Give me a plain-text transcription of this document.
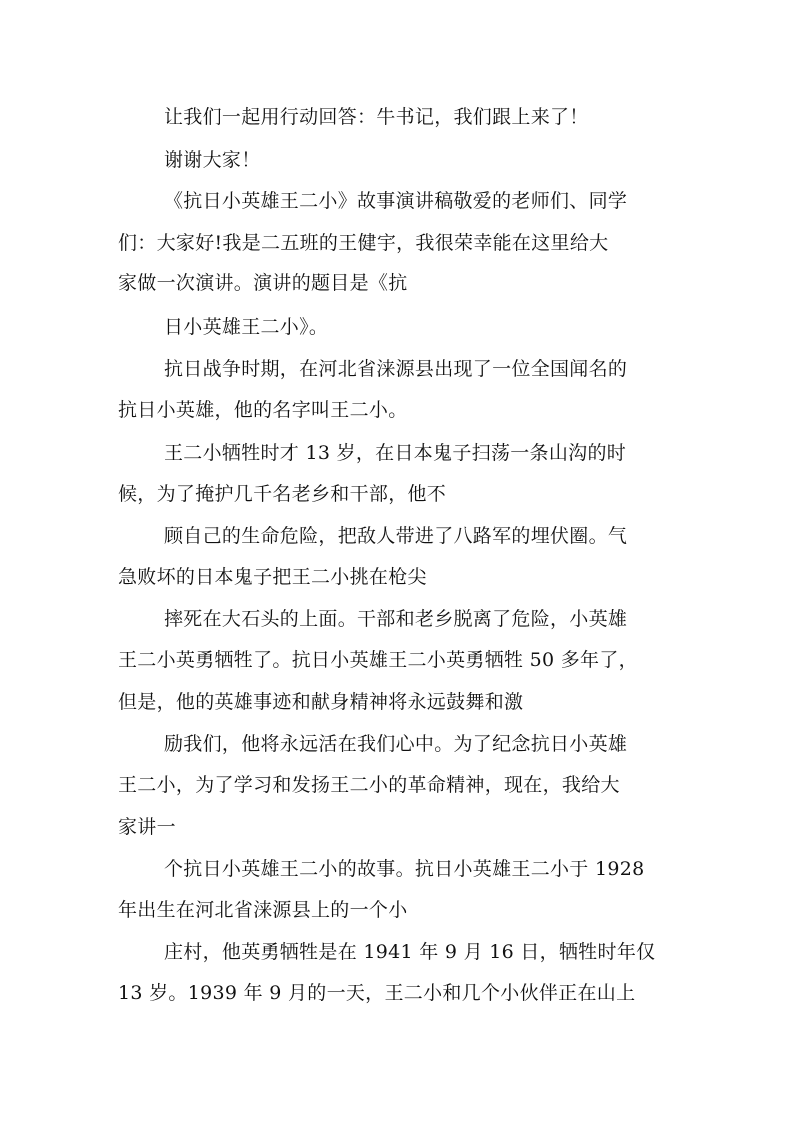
让我们一起用行动回答：牛书记，我们跟上来了！
谢谢大家！
《抗日小英雄王二小》故事演讲稿敬爱的老师们、同学
们：大家好!我是二五班的王健宇，我很荣幸能在这里给大
家做一次演讲。演讲的题目是《抗
日小英雄王二小》。
抗日战争时期，在河北省涞源县出现了一位全国闻名的
抗日小英雄，他的名字叫王二小。
王二小牺牲时才 13 岁，在日本鬼子扫荡一条山沟的时
候，为了掩护几千名老乡和干部，他不
顾自己的生命危险，把敌人带进了八路军的埋伏圈。气
急败坏的日本鬼子把王二小挑在枪尖
摔死在大石头的上面。干部和老乡脱离了危险，小英雄
王二小英勇牺牲了。抗日小英雄王二小英勇牺牲 50 多年了，
但是，他的英雄事迹和献身精神将永远鼓舞和激
励我们，他将永远活在我们心中。为了纪念抗日小英雄
王二小，为了学习和发扬王二小的革命精神，现在，我给大
家讲一
个抗日小英雄王二小的故事。抗日小英雄王二小于 1928
年出生在河北省涞源县上的一个小
庄村，他英勇牺牲是在 1941 年 9 月 16 日，牺牲时年仅
13 岁。1939 年 9 月的一天，王二小和几个小伙伴正在山上
